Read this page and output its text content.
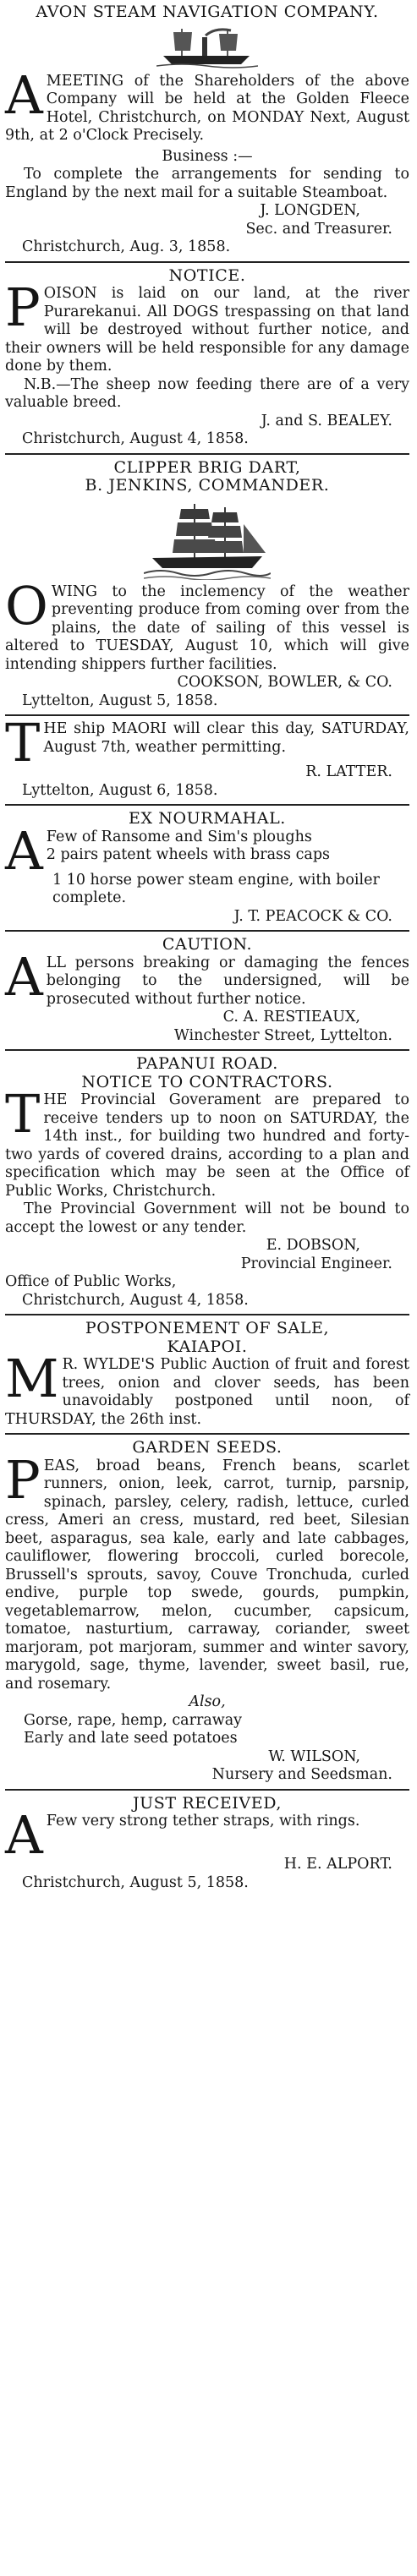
AVON STEAM NAVIGATION COMPANY.
A MEETING of the Shareholders of the above Company will be held at the Golden Fleece Hotel, Christchurch, on MONDAY Next, August 9th, at 2 o'Clock Precisely.
Business :—
To complete the arrangements for sending to England by the next mail for a suitable Steamboat.
J. LONGDEN,
Sec. and Treasurer.
Christchurch, Aug. 3, 1858.
NOTICE.
P OISON is laid on our land, at the river Purarekanui. All DOGS trespassing on that land will be destroyed without further notice, and their owners will be held responsible for any damage done by them.
N.B.—The sheep now feeding there are of a very valuable breed.
J. and S. BEALEY.
Christchurch, August 4, 1858.
CLIPPER BRIG DART,
B. JENKINS, COMMANDER.
O WING to the inclemency of the weather preventing produce from coming over from the plains, the date of sailing of this vessel is altered to TUESDAY, August 10, which will give intending shippers further facilities.
COOKSON, BOWLER, & CO.
Lyttelton, August 5, 1858.
T HE ship MAORI will clear this day, SATURDAY, August 7th, weather permitting.
R. LATTER.
Lyttelton, August 6, 1858.
EX NOURMAHAL.
A Few of Ransome and Sim's ploughs
2 pairs patent wheels with brass caps
1 10 horse power steam engine, with boiler complete.
J. T. PEACOCK & CO.
CAUTION.
A LL persons breaking or damaging the fences belonging to the undersigned, will be prosecuted without further notice.
C. A. RESTIEAUX,
Winchester Street, Lyttelton.
PAPANUI ROAD.
NOTICE TO CONTRACTORS.
T HE Provincial Goverament are prepared to receive tenders up to noon on SATURDAY, the 14th inst., for building two hundred and forty-two yards of covered drains, according to a plan and specification which may be seen at the Office of Public Works, Christchurch.
The Provincial Government will not be bound to accept the lowest or any tender.
E. DOBSON,
Provincial Engineer.
Office of Public Works,
Christchurch, August 4, 1858.
POSTPONEMENT OF SALE,
KAIAPOI.
M R. WYLDE'S Public Auction of fruit and forest trees, onion and clover seeds, has been unavoidably postponed until noon, of THURSDAY, the 26th inst.
GARDEN SEEDS.
P EAS, broad beans, French beans, scarlet runners, onion, leek, carrot, turnip, parsnip, spinach, parsley, celery, radish, lettuce, curled cress, Ameri an cress, mustard, red beet, Silesian beet, asparagus, sea kale, early and late cabbages, cauliflower, flowering broccoli, curled borecole, Brussell's sprouts, savoy, Couve Tronchuda, curled endive, purple top swede, gourds, pumpkin, vegetablemarrow, melon, cucumber, capsicum, tomatoe, nasturtium, carraway, coriander, sweet marjoram, pot marjoram, summer and winter savory, marygold, sage, thyme, lavender, sweet basil, rue, and rosemary.
Also,
Gorse, rape, hemp, carraway
Early and late seed potatoes
W. WILSON,
Nursery and Seedsman.
JUST RECEIVED,
A Few very strong tether straps, with rings.
H. E. ALPORT.
Christchurch, August 5, 1858.
